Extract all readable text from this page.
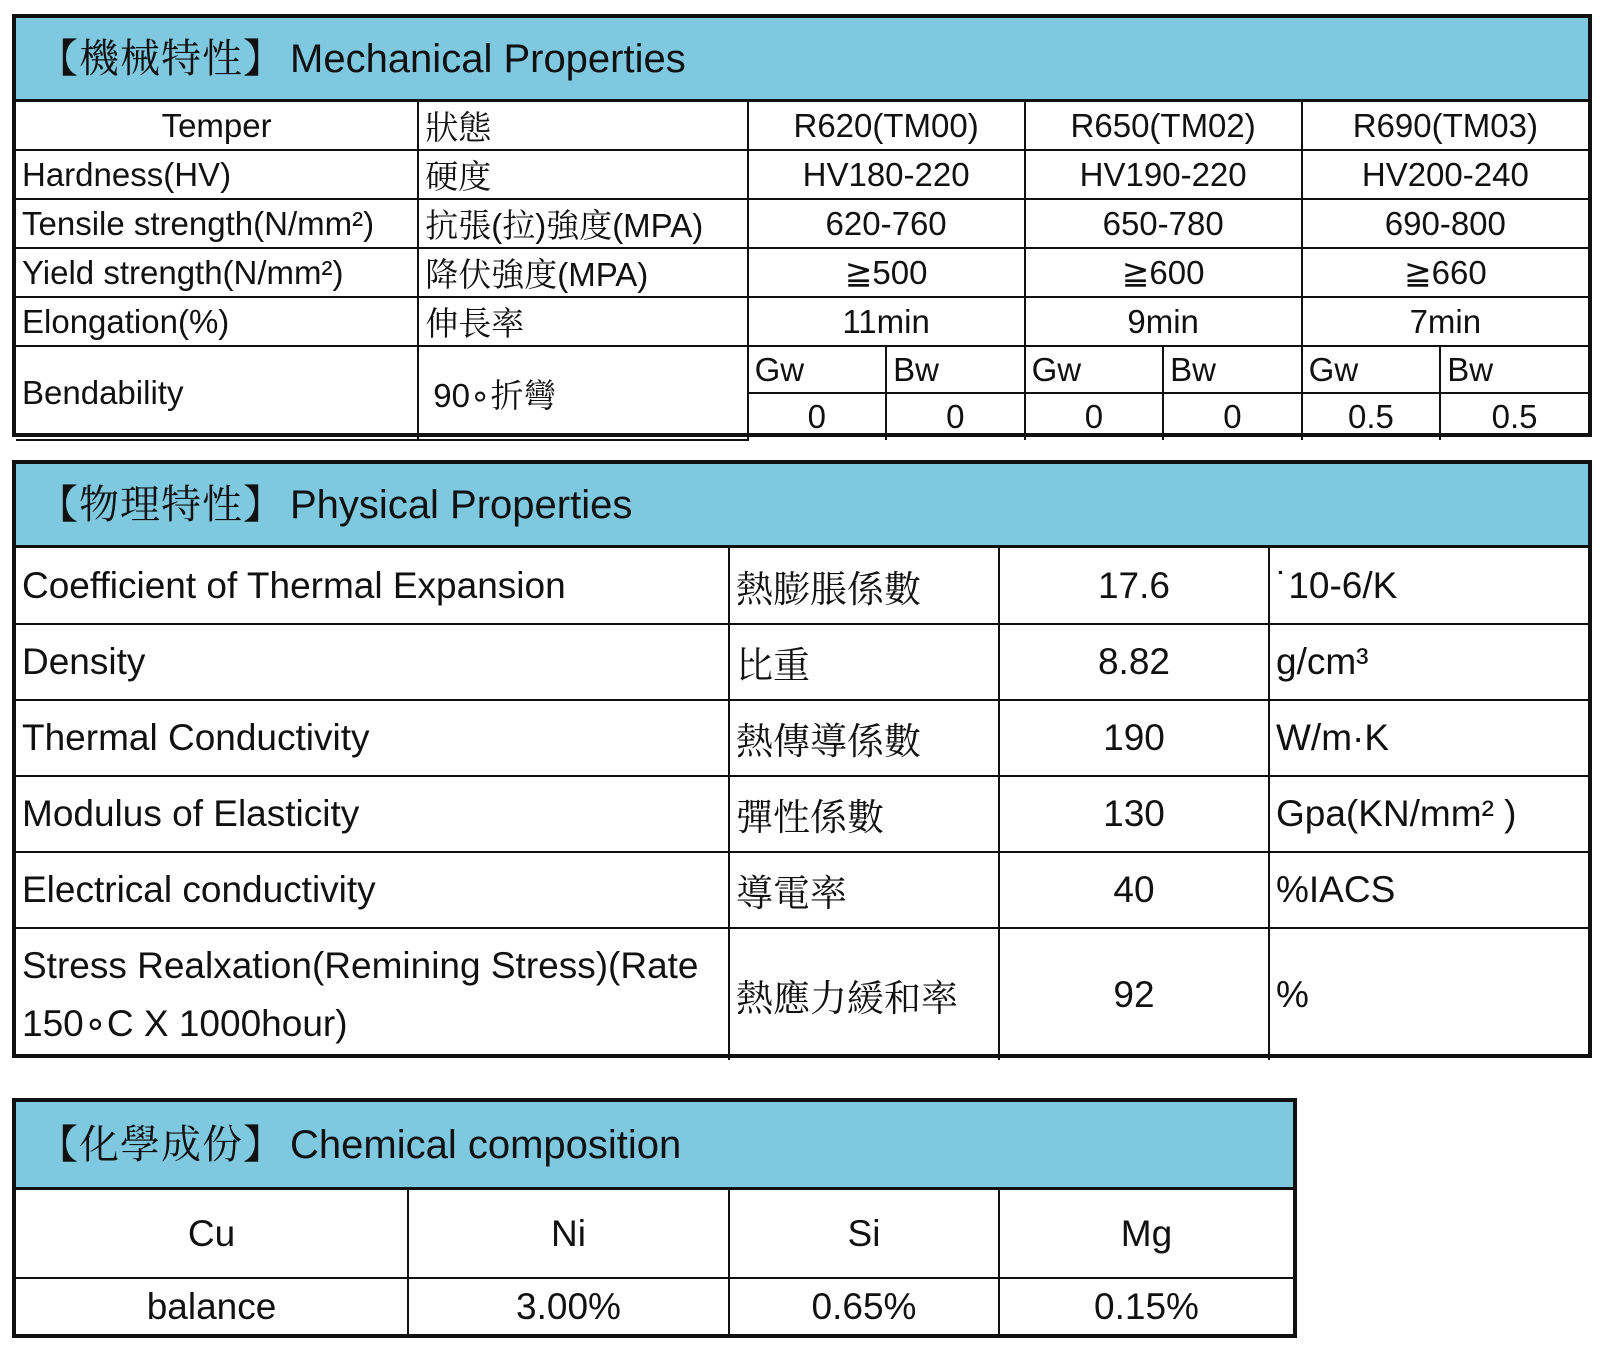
【機械特性】 Mechanical Properties
Temper	狀態	R620(TM00)		R650(TM02)		R690(TM03)	
Hardness(HV)	硬度	HV180-220		HV190-220		HV200-240	
Tensile strength(N/mm²)	抗張(拉)強度(MPA)	620-760		650-780		690-800	
Yield strength(N/mm²)	降伏強度(MPA)	≧500		≧600		≧660	
Elongation(%)	伸長率	11min		9min		7min	
Bendability	90∘折彎	Gw	Bw	Gw	Bw	Gw	Bw
		0	0	0	0	0.5	0.5
【物理特性】 Physical Properties
Coefficient of Thermal Expansion	熱膨脹係數	17.6	˙10-6/K
Density	比重	8.82	g/cm³
Thermal Conductivity	熱傳導係數	190	W/m·K
Modulus of Elasticity	彈性係數	130	Gpa(KN/mm² )
Electrical conductivity	導電率	40	%IACS
Stress Realxation(Remining Stress)(Rate 150∘C X 1000hour)	熱應力緩和率	92	%
【化學成份】 Chemical composition
Cu	Ni	Si	Mg
balance	3.00%	0.65%	0.15%
